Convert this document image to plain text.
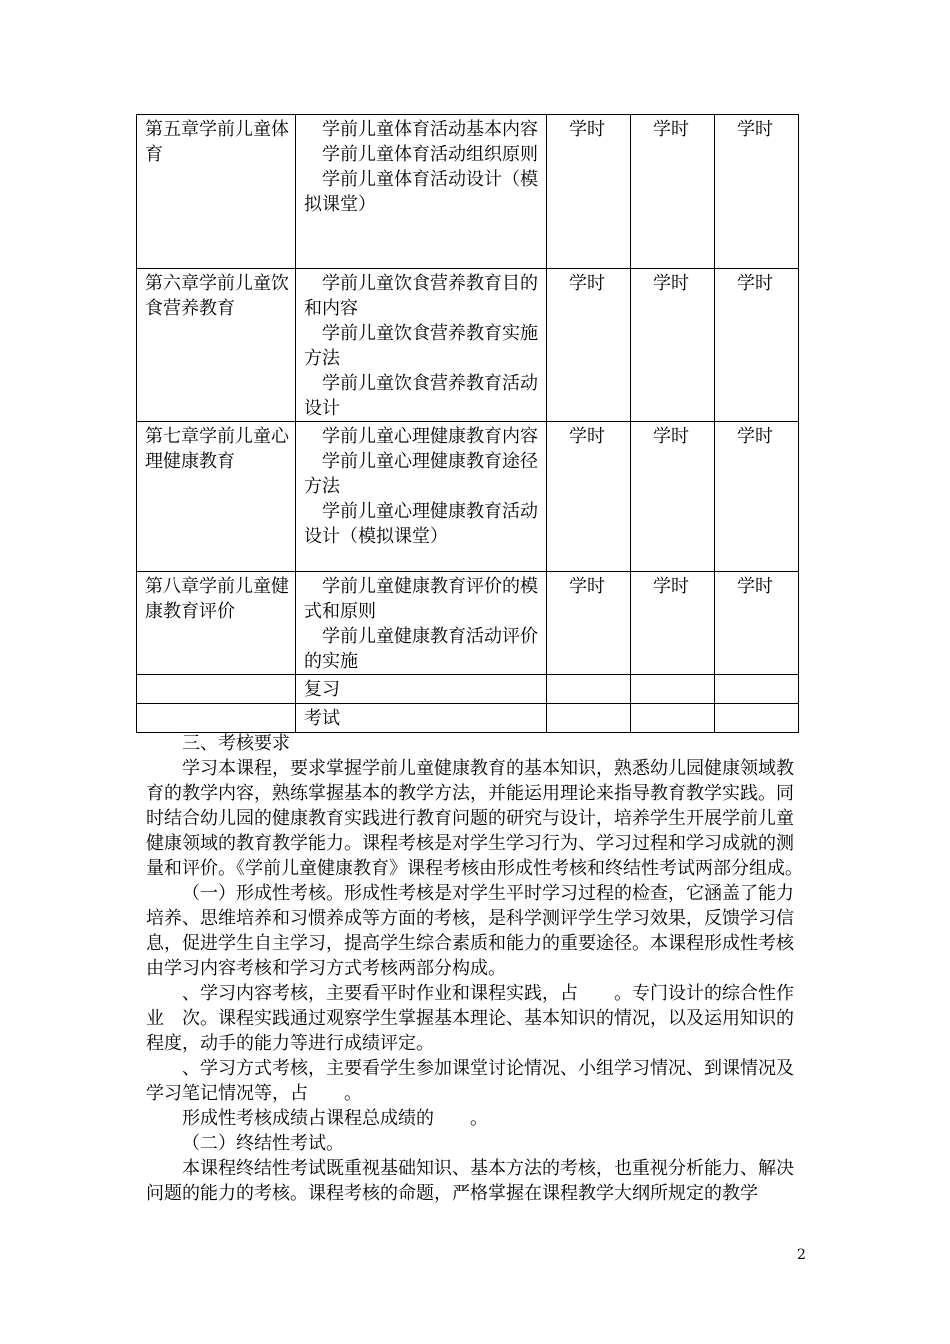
第五章学前儿童体育	学前儿童体育活动基本内容
学前儿童体育活动组织原则
学前儿童体育活动设计（模拟课堂）	学时	学时	学时
第六章学前儿童饮食营养教育	学前儿童饮食营养教育目的和内容
学前儿童饮食营养教育实施方法
学前儿童饮食营养教育活动设计	学时	学时	学时
第七章学前儿童心理健康教育	学前儿童心理健康教育内容
学前儿童心理健康教育途径方法
学前儿童心理健康教育活动设计（模拟课堂）	学时	学时	学时
第八章学前儿童健康教育评价	学前儿童健康教育评价的模式和原则
学前儿童健康教育活动评价的实施	学时	学时	学时
	复习			
	考试			

三、考核要求

学习本课程，要求掌握学前儿童健康教育的基本知识，熟悉幼儿园健康领域教育的教学内容，熟练掌握基本的教学方法，并能运用理论来指导教育教学实践。同时结合幼儿园的健康教育实践进行教育问题的研究与设计，培养学生开展学前儿童健康领域的教育教学能力。课程考核是对学生学习行为、学习过程和学习成就的测量和评价。《学前儿童健康教育》课程考核由形成性考核和终结性考试两部分组成。

（一）形成性考核。形成性考核是对学生平时学习过程的检查，它涵盖了能力培养、思维培养和习惯养成等方面的考核，是科学测评学生学习效果，反馈学习信息，促进学生自主学习，提高学生综合素质和能力的重要途径。本课程形成性考核由学习内容考核和学习方式考核两部分构成。

、学习内容考核，主要看平时作业和课程实践，占　　。专门设计的综合性作业　次。课程实践通过观察学生掌握基本理论、基本知识的情况，以及运用知识的程度，动手的能力等进行成绩评定。

、学习方式考核，主要看学生参加课堂讨论情况、小组学习情况、到课情况及学习笔记情况等，占　　。

形成性考核成绩占课程总成绩的　　。

（二）终结性考试。

本课程终结性考试既重视基础知识、基本方法的考核，也重视分析能力、解决问题的能力的考核。课程考核的命题，严格掌握在课程教学大纲所规定的教学

2
